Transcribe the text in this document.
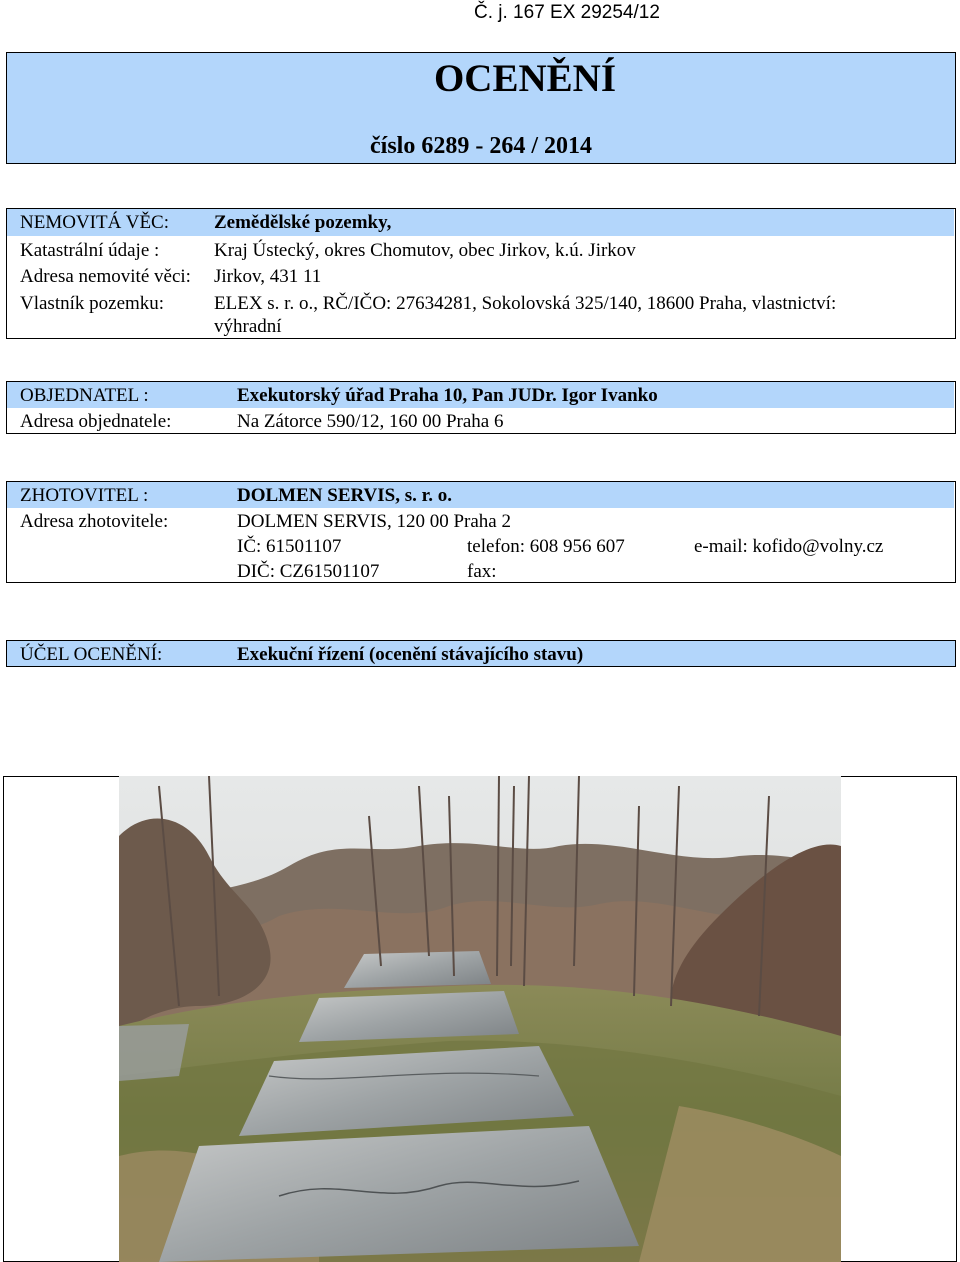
Č. j. 167 EX 29254/12
OCENĚNÍ
číslo 6289 - 264 / 2014
NEMOVITÁ VĚC: Zemědělské pozemky,
Katastrální údaje :	Kraj Ústecký, okres Chomutov, obec Jirkov, k.ú. Jirkov
Adresa nemovité věci: Jirkov, 431 11
Vlastník pozemku:	ELEX s. r. o., RČ/IČO: 27634281, Sokolovská 325/140, 18600 Praha, vlastnictví:
výhradní
OBJEDNATEL :	Exekutorský úřad Praha 10, Pan JUDr. Igor Ivanko
Adresa objednatele:	Na Zátorce 590/12, 160 00 Praha 6
ZHOTOVITEL :	DOLMEN SERVIS, s. r. o.
Adresa zhotovitele:	DOLMEN SERVIS, 120 00 Praha 2
IČ: 61501107	telefon: 608 956 607	e-mail: kofido@volny.cz
DIČ: CZ61501107	fax:
ÚČEL OCENĚNÍ:	Exekuční řízení (ocenění stávajícího stavu)
